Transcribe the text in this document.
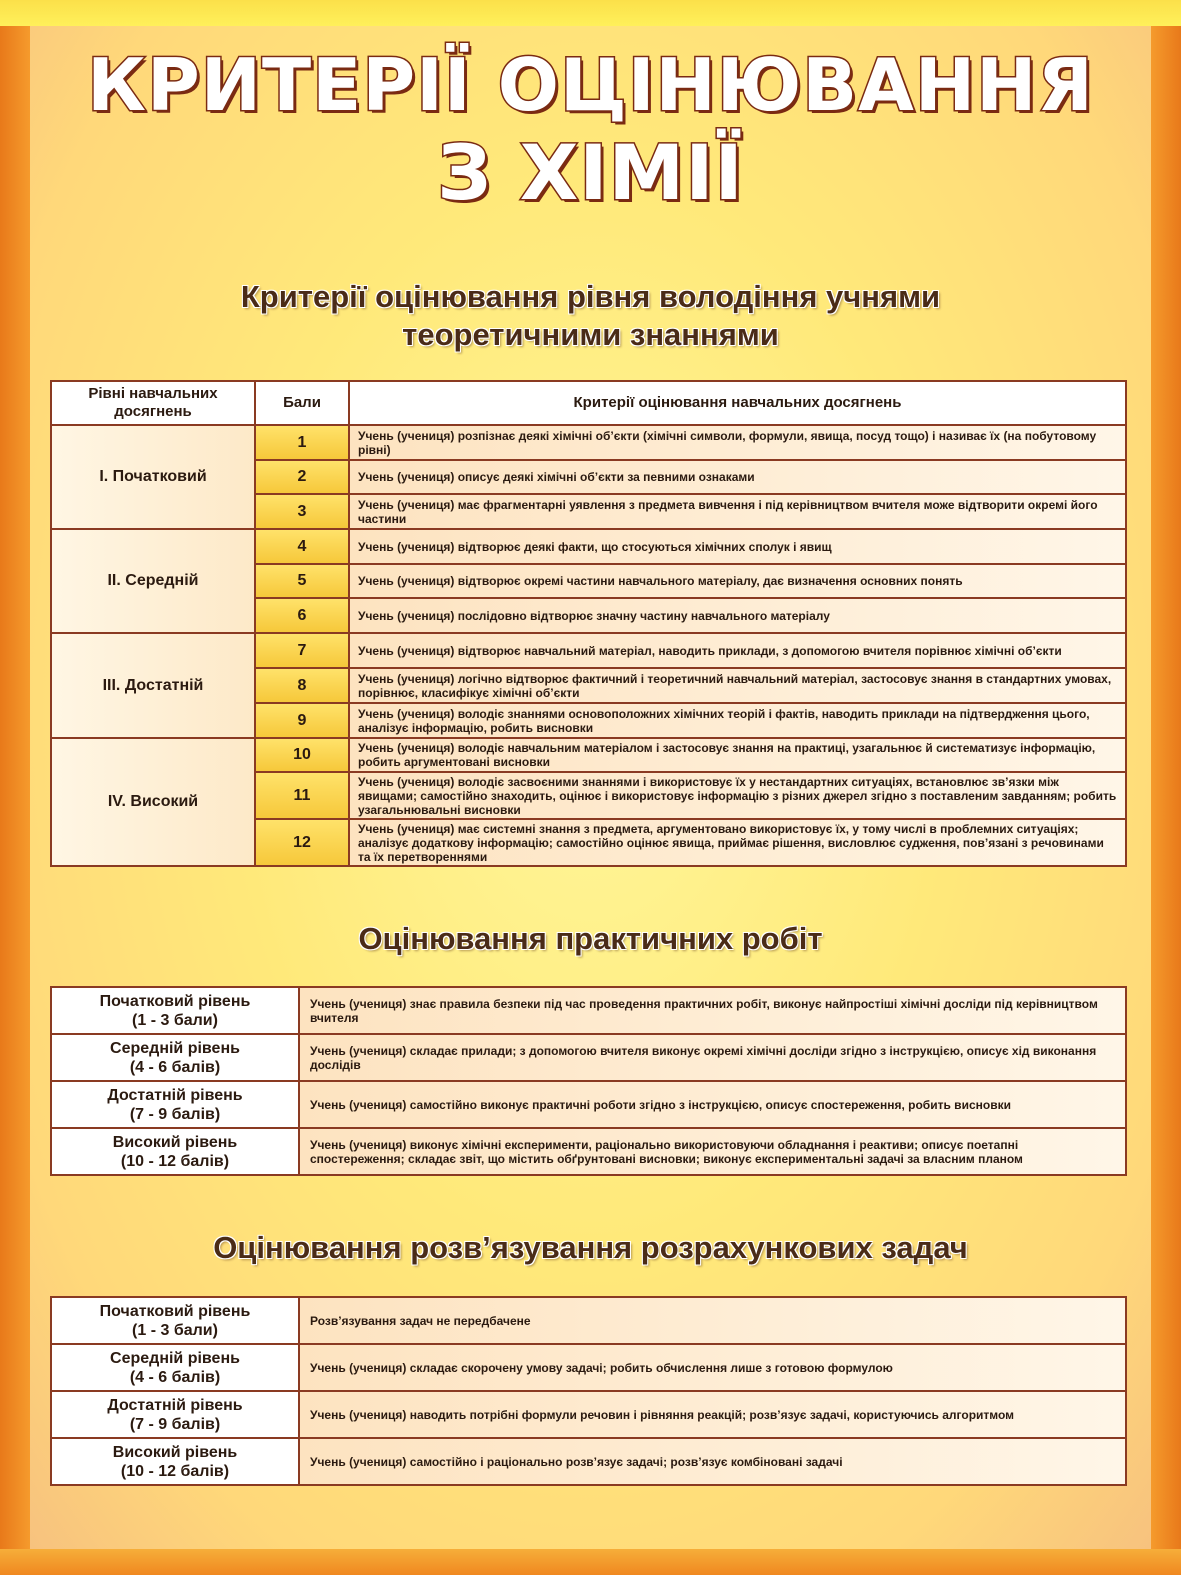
КРИТЕРІЇ ОЦІНЮВАННЯ
З ХІМІЇ
Критерії оцінювання рівня володіння учнями
теоретичними знаннями
Рівні навчальних досягнень	Бали	Критерії оцінювання навчальних досягнень
I. Початковий	1	Учень (учениця) розпізнає деякі хімічні об’єкти (хімічні символи, формули, явища, посуд тощо) і називає їх (на побутовому рівні)
	2	Учень (учениця) описує деякі хімічні об’єкти за певними ознаками
	3	Учень (учениця) має фрагментарні уявлення з предмета вивчення і під керівництвом вчителя може відтворити окремі його частини
II. Середній	4	Учень (учениця) відтворює деякі факти, що стосуються хімічних сполук і явищ
	5	Учень (учениця) відтворює окремі частини навчального матеріалу, дає визначення основних понять
	6	Учень (учениця) послідовно відтворює значну частину навчального матеріалу
III. Достатній	7	Учень (учениця) відтворює навчальний матеріал, наводить приклади, з допомогою вчителя порівнює хімічні об’єкти
	8	Учень (учениця) логічно відтворює фактичний і теоретичний навчальний матеріал, застосовує знання в стандартних умовах, порівнює, класифікує хімічні об’єкти
	9	Учень (учениця) володіє знаннями основоположних хімічних теорій і фактів, наводить приклади на підтвердження цього, аналізує інформацію, робить висновки
IV. Високий	10	Учень (учениця) володіє навчальним матеріалом і застосовує знання на практиці, узагальнює й систематизує інформацію, робить аргументовані висновки
	11	Учень (учениця) володіє засвоєними знаннями і використовує їх у нестандартних ситуаціях, встановлює зв’язки між явищами; самостійно знаходить, оцінює і використовує інформацію з різних джерел згідно з поставленим завданням; робить узагальнювальні висновки
	12	Учень (учениця) має системні знання з предмета, аргументовано використовує їх, у тому числі в проблемних ситуаціях; аналізує додаткову інформацію; самостійно оцінює явища, приймає рішення, висловлює судження, пов’язані з речовинами та їх перетвореннями
Оцінювання практичних робіт
Початковий рівень
(1 - 3 бали)	Учень (учениця) знає правила безпеки під час проведення практичних робіт, виконує найпростіші хімічні досліди під керівництвом вчителя

Середній рівень
(4 - 6 балів)	Учень (учениця) складає прилади; з допомогою вчителя виконує окремі хімічні досліди згідно з інструкцією, описує хід виконання дослідів

Достатній рівень
(7 - 9 балів)	Учень (учениця) самостійно виконує практичні роботи згідно з інструкцією, описує спостереження, робить висновки

Високий рівень
(10 - 12 балів)	Учень (учениця) виконує хімічні експерименти, раціонально використовуючи обладнання і реактиви; описує поетапні спостереження; складає звіт, що містить обґрунтовані висновки; виконує експериментальні задачі за власним планом
Оцінювання розв’язування розрахункових задач
Початковий рівень
(1 - 3 бали)	Розв’язування задач не передбачене

Середній рівень
(4 - 6 балів)	Учень (учениця) складає скорочену умову задачі; робить обчислення лише з готовою формулою

Достатній рівень
(7 - 9 балів)	Учень (учениця) наводить потрібні формули речовин і рівняння реакцій; розв’язує задачі, користуючись алгоритмом

Високий рівень
(10 - 12 балів)	Учень (учениця) самостійно і раціонально розв’язує задачі; розв’язує комбіновані задачі
